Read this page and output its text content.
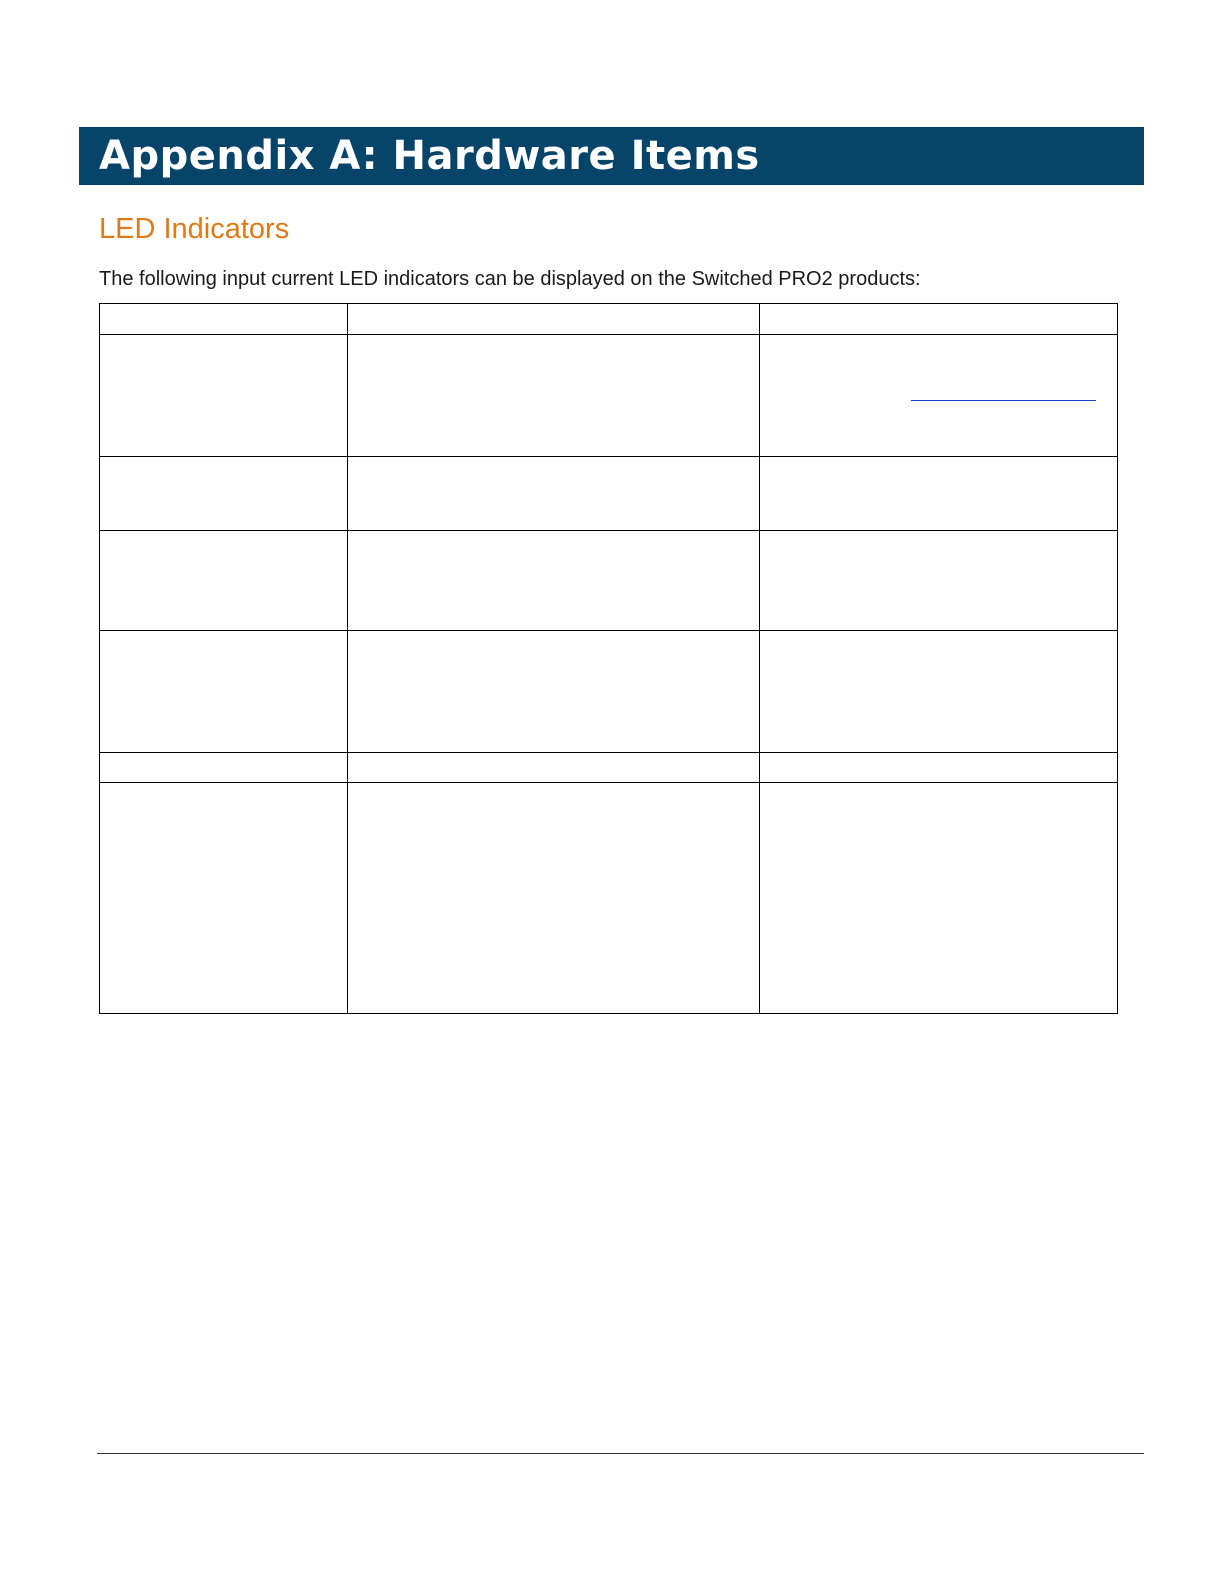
Appendix A: Hardware Items
LED Indicators

The following input current LED indicators can be displayed on the Switched PRO2 products:
